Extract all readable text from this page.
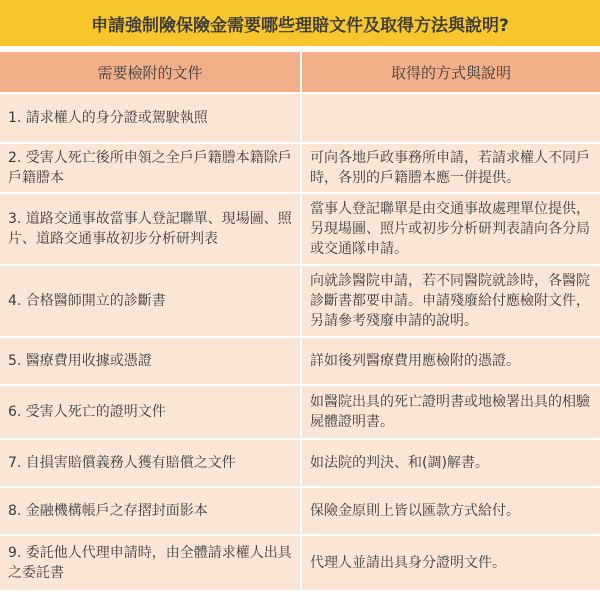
申請強制險保險金需要哪些理賠文件及取得方法與說明?
需要檢附的文件	取得的方式與說明
1. 請求權人的身分證或駕駛執照	
2. 受害人死亡後所申領之全戶戶籍謄本籍除戶戶籍謄本	可向各地戶政事務所申請，若請求權人不同戶時，各別的戶籍謄本應一併提供。
3. 道路交通事故當事人登記聯單、現場圖、照片、道路交通事故初步分析研判表	當事人登記聯單是由交通事故處理單位提供，另現場圖、照片或初步分析研判表請向各分局或交通隊申請。
4. 合格醫師開立的診斷書	向就診醫院申請，若不同醫院就診時，各醫院診斷書都要申請。申請殘廢給付應檢附文件，另請參考殘廢申請的說明。
5. 醫療費用收據或憑證	詳如後列醫療費用應檢附的憑證。
6. 受害人死亡的證明文件	如醫院出具的死亡證明書或地檢署出具的相驗屍體證明書。
7. 自損害賠償義務人獲有賠償之文件	如法院的判決、和(調)解書。
8. 金融機構帳戶之存摺封面影本	保險金原則上皆以匯款方式給付。
9. 委託他人代理申請時，由全體請求權人出具之委託書	代理人並請出具身分證明文件。
